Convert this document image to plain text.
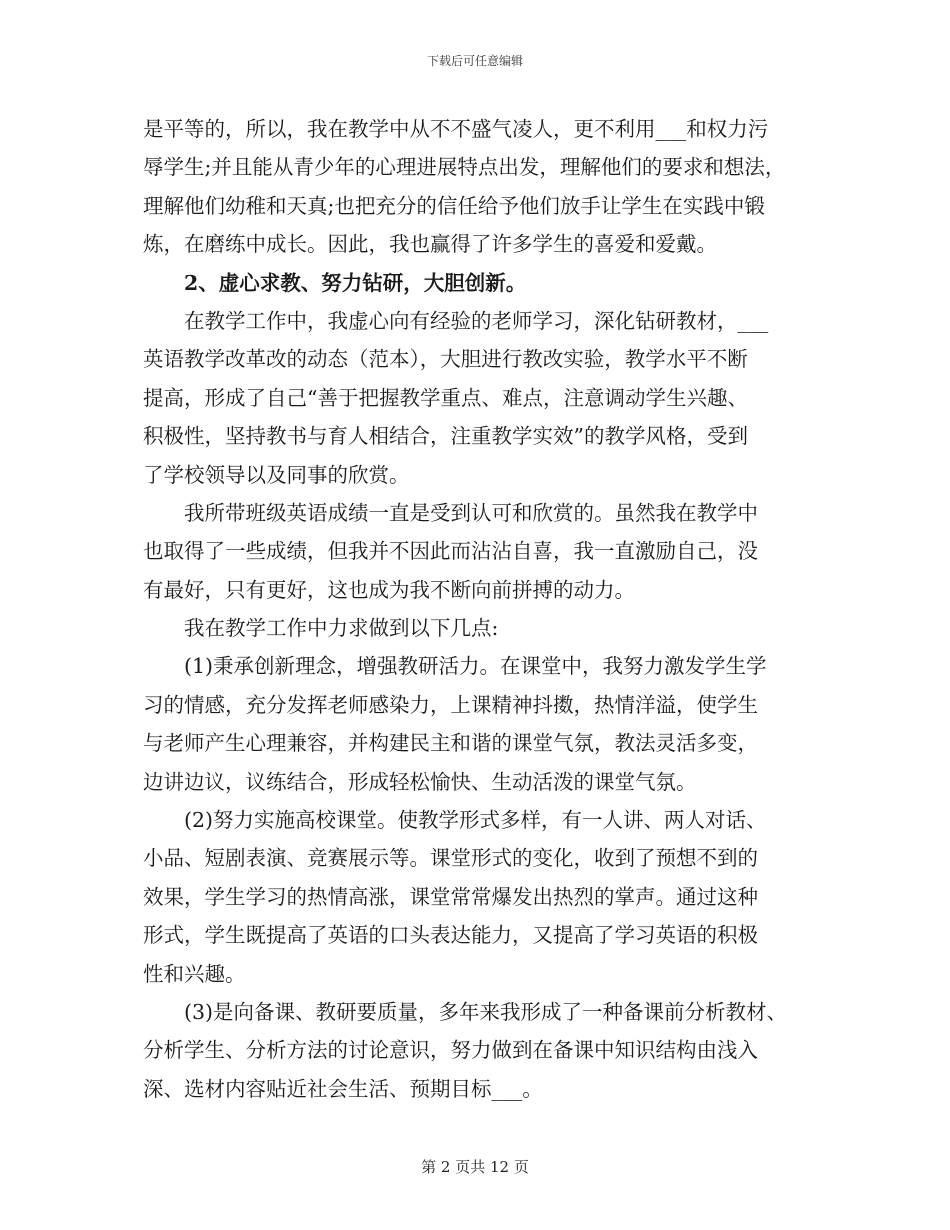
下载后可任意编辑
是平等的，所以，我在教学中从不不盛气凌人，更不利用___和权力污
辱学生;并且能从青少年的心理进展特点出发，理解他们的要求和想法，
理解他们幼稚和天真;也把充分的信任给予他们放手让学生在实践中锻
炼，在磨练中成长。因此，我也赢得了许多学生的喜爱和爱戴。
2、虚心求教、努力钻研，大胆创新。
在教学工作中，我虚心向有经验的老师学习，深化钻研教材，___
英语教学改革改的动态（范本），大胆进行教改实验，教学水平不断
提高，形成了自己“善于把握教学重点、难点，注意调动学生兴趣、
积极性，坚持教书与育人相结合，注重教学实效”的教学风格，受到
了学校领导以及同事的欣赏。
我所带班级英语成绩一直是受到认可和欣赏的。虽然我在教学中
也取得了一些成绩，但我并不因此而沾沾自喜，我一直激励自己，没
有最好，只有更好，这也成为我不断向前拼搏的动力。
我在教学工作中力求做到以下几点:
(1)秉承创新理念，增强教研活力。在课堂中，我努力激发学生学
习的情感，充分发挥老师感染力，上课精神抖擞，热情洋溢，使学生
与老师产生心理兼容，并构建民主和谐的课堂气氛，教法灵活多变，
边讲边议，议练结合，形成轻松愉快、生动活泼的课堂气氛。
(2)努力实施高校课堂。使教学形式多样，有一人讲、两人对话、
小品、短剧表演、竞赛展示等。课堂形式的变化，收到了预想不到的
效果，学生学习的热情高涨，课堂常常爆发出热烈的掌声。通过这种
形式，学生既提高了英语的口头表达能力，又提高了学习英语的积极
性和兴趣。
(3)是向备课、教研要质量，多年来我形成了一种备课前分析教材、
分析学生、分析方法的讨论意识，努力做到在备课中知识结构由浅入
深、选材内容贴近社会生活、预期目标___。
第 2 页共 12 页
